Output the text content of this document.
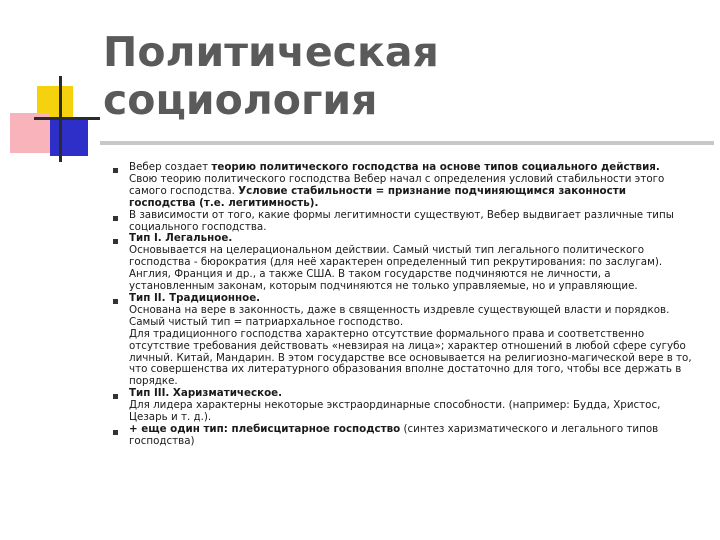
Политическая
социология
Вебер создает теорию политического господства на основе типов социального действия.
Свою теорию политического господства Вебер начал с определения условий стабильности этого
самого господства. Условие стабильности = признание подчиняющимся законности
господства (т.е. легитимность).
В зависимости от того, какие формы легитимности существуют, Вебер выдвигает различные типы
социального господства.
Тип I. Легальное.
Основывается на целерациональном действии. Самый чистый тип легального политического
господства - бюрократия (для неё характерен определенный тип рекрутирования: по заслугам).
Англия, Франция и др., а также США. В таком государстве подчиняются не личности, а
установленным законам, которым подчиняются не только управляемые, но и управляющие.
Тип II. Традиционное.
Основана на вере в законность, даже в священность издревле существующей власти и порядков.
Самый чистый тип = патриархальное господство.
Для традиционного господства характерно отсутствие формального права и соответственно
отсутствие требования действовать «невзирая на лица»; характер отношений в любой сфере сугубо
личный. Китай, Мандарин. В этом государстве все основывается на религиозно-магической вере в то,
что совершенства их литературного образования вполне достаточно для того, чтобы все держать в
порядке.
Тип III. Харизматическое.
Для лидера характерны некоторые экстраординарные способности. (например: Будда, Христос,
Цезарь и т. д.).
+ еще один тип: плебисцитарное господство (синтез харизматического и легального типов
господства)
